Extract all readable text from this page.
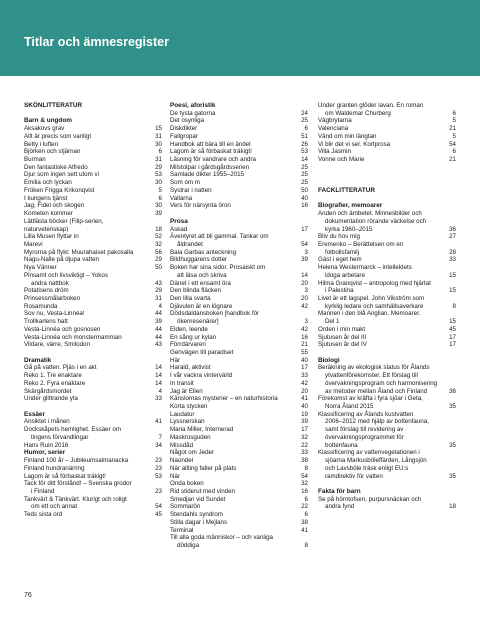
Titlar och ämnesregister
SKÖNLITTERATUR
Barn & ungdom
Aksakovs grav	15
Allt är precis som vanligt	31
Betty i luften	30
Björken och stjärnan	6
Burman	31
Den fantastiske Alfredo	29
Djur som ingen sett utom vi	53
Emilia och lyckan	30
Fröken Frigga Krikonqvist	5
I kungens tjänst	6
Jag, Fidel och skogen	30
Kometen kommer	39
Lättlästa böcker (Filip-serien,
naturvetenskap)	18
Lilla Musen flyttar in	52
Marevi	32
Myrorna på flykt: Muurahaiset pakosalla	56
Nagu-Nalle på djupa vatten	29
Nya Vänner	50
Pinsamt och livsviktigt – Yokos
andra nattbok	43
Potatisens dröm	29
Prinsessmålarboken	31
Rosamunda	4
Sov nu, Vesta-Linnéa!	44
Trollkarlens hatt	39
Vesta-Linnéa och gosnosen	44
Vesta-Linnéa och monstermamman	44
Vildare, värre, Smilodon	43
Dramatik
Gå på vatten. Pjäs i en akt	14
Reko 1. Tre enaktare	14
Reko 2. Fyra enaktare	14
Skärgårdsmordet	4
Under glittrande yta	33
Essäer
Ansiktet i månen	41
Dockskåpets hemlighet. Essäer om
tingens förvandlingar	7
Hans Ruin 2016	34
Humor, serier
Finland 100 år – Jubileumsalmanacka	23
Finland hundranärring	23
Lagom är så förbaskat träkigt!	53
Tack för ditt förstånd! – Svenska grodor
i Finland	23
Tankvärt & Tänkvärt. Klurigt och roligt
om ett och annat	54
Teds sista ord	45
Poesi, aforistik
De tysta gatorna	24
Det osynliga	25
Diskdikter	6
Fallgropar	51
Handbok att bära till en ändel	26
Lagom är så förbaskat träkigt!	53
Läsning för vandrare och andra	14
Milstolpar i gårdsgårdsserien	25
Samlade dikter 1955–2015	25
Som om m	25
Systrar i natten	50
Vallarna	40
Vers för närsynta öron	16
Prosa
Askad	17
Äventyret att bli gammal. Tankar om
åldrandet	54
Bala Garbas anteckning	3
Bildhuggarens dotter	39
Boken har sina sidor. Prosaiskt om
att läsa och skriva	14
Dänet i ett ensamt öra	20
Den blinda fläcken	3
Den lilla svarta	20
Djävulen är en lögnare	42
Dödsdaldansboken [handbok för
ökenresenärer]	3
Elden, leende	42
En sång ur kylan	16
Förrdärvaren	21
Genvägen till paradiset	55
Här	40
Harald, aktivist	17
I vår vackra vintervärld	33
In transit	42
Jag är Ellen	20
Känslornas mysterier – en naturhistoria	41
Korta stycken	40
Laudatur	19
Lyssnerskan	39
Maria Miller, Internerad	17
Maskrosguden	32
Missdåd	22
Något om Jeder	33
Naondel	38
När allting faller på plats	8
När	54
Onda boken	32
Rid stiderut med vinden	16
Smedjan vid Sundet	6
Sommarön	22
Stendahls syndrom	6
Stilla dagar i Mejlans	38
Terminal	41
Till alla goda människor – och vanliga
döddiga	8
Under granten glöder lavan. En roman
om Waldemar Churberg	6
Vägbrytarna	5
Valenciana	21
Vänd om min längtan	5
Vi blir det vi ser. Kortprosa	54
Villa Jasmin	6
Vonne och Marie	21
FACKLITTERATUR
Biografier, memoarer
Anden och ämbetet. Minnesbilder och
dokumentation rörande väckelse och
kyrka 1960–2015	36
Bliv du hos mig	27
Eremenko – Berättelsen om en
fotbollsfamilj	28
Gäst i eget hem	33
Helena Westermarck – intellektets
idoga arbetare	15
Hilma Granqvist – antropolog med hjärtat
i Palestina	15
Livet är ett lagspel. John Vikström som
kyrklig ledare och samhällsaverkare	8
Mannen i den blå Anglian. Memoarer.
Del 1	15
Orden i min makt	45
Sjutusen år del III	17
Sjutusen år del IV	17
Biologi
Beräkning av ekologisk status för Ålands
ytvattenförekomster. Ett förslag till
övervakningsprogram och harmonisering
av metoder mellan Åland och Finland	36
Förekomst av kräfta i fyra sjöar i Geta,
Norra Åland 2015	35
Klassificering av Ålands kustvatten
2006–2012 med hjälp av bottenfauna,
samt förslag till revidering av
övervakningsprogrammet för
bottenfauna	35
Klassificering av vattenvegetationen i
sjöarna Markusböleffärden, Långsjön
och Lavsböle träsk enligt EU:s
ramdirektiv för vatten	35
Fakta för barn
Se på hörntofsen, purpursnäckan och
andra fynd	18
76
